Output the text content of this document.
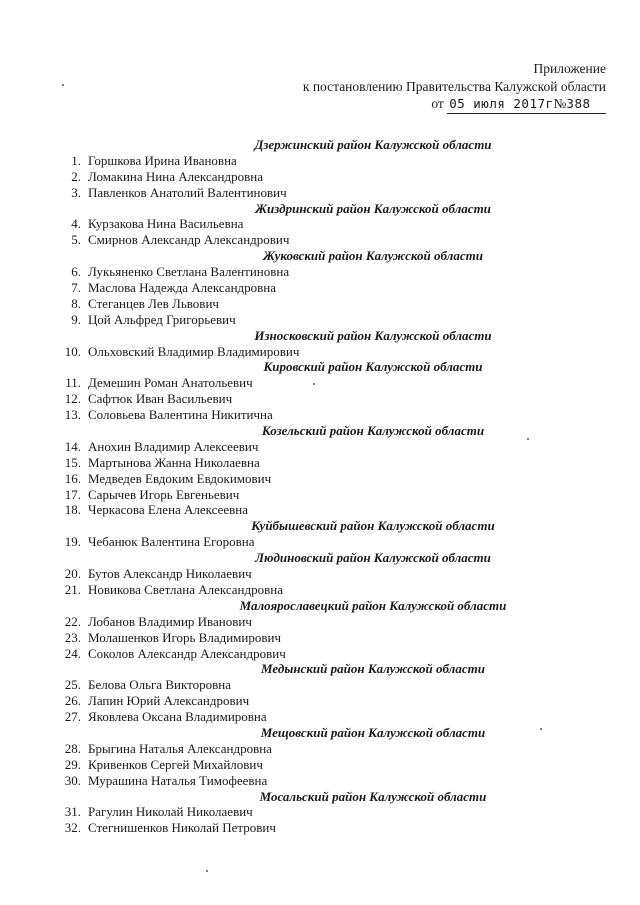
Приложение
к постановлению Правительства Калужской области
от 05 июля 2017г№388
Дзержинский район Калужской области
1. Горшкова Ирина Ивановна
2. Ломакина Нина Александровна
3. Павленков Анатолий Валентинович
Жиздринский район Калужской области
4. Курзакова Нина Васильевна
5. Смирнов Александр Александрович
Жуковский район Калужской области
6. Лукьяненко Светлана Валентиновна
7. Маслова Надежда Александровна
8. Стеганцев Лев Львович
9. Цой Альфред Григорьевич
Износковский район Калужской области
10. Ольховский Владимир Владимирович
Кировский район Калужской области
11. Демешин Роман Анатольевич
12. Сафтюк Иван Васильевич
13. Соловьева Валентина Никитична
Козельский район Калужской области
14. Анохин Владимир Алексеевич
15. Мартынова Жанна Николаевна
16. Медведев Евдоким Евдокимович
17. Сарычев Игорь Евгеньевич
18. Черкасова Елена Алексеевна
Куйбышевский район Калужской области
19. Чебанюк Валентина Егоровна
Людиновский район Калужской области
20. Бутов Александр Николаевич
21. Новикова Светлана Александровна
Малоярославецкий район Калужской области
22. Лобанов Владимир Иванович
23. Молашенков Игорь Владимирович
24. Соколов Александр Александрович
Медынский район Калужской области
25. Белова Ольга Викторовна
26. Лапин Юрий Александрович
27. Яковлева Оксана Владимировна
Мещовский район Калужской области
28. Брыгина Наталья Александровна
29. Кривенков Сергей Михайлович
30. Мурашина Наталья Тимофеевна
Мосальский район Калужской области
31. Рагулин Николай Николаевич
32. Стегнишенков Николай Петрович
